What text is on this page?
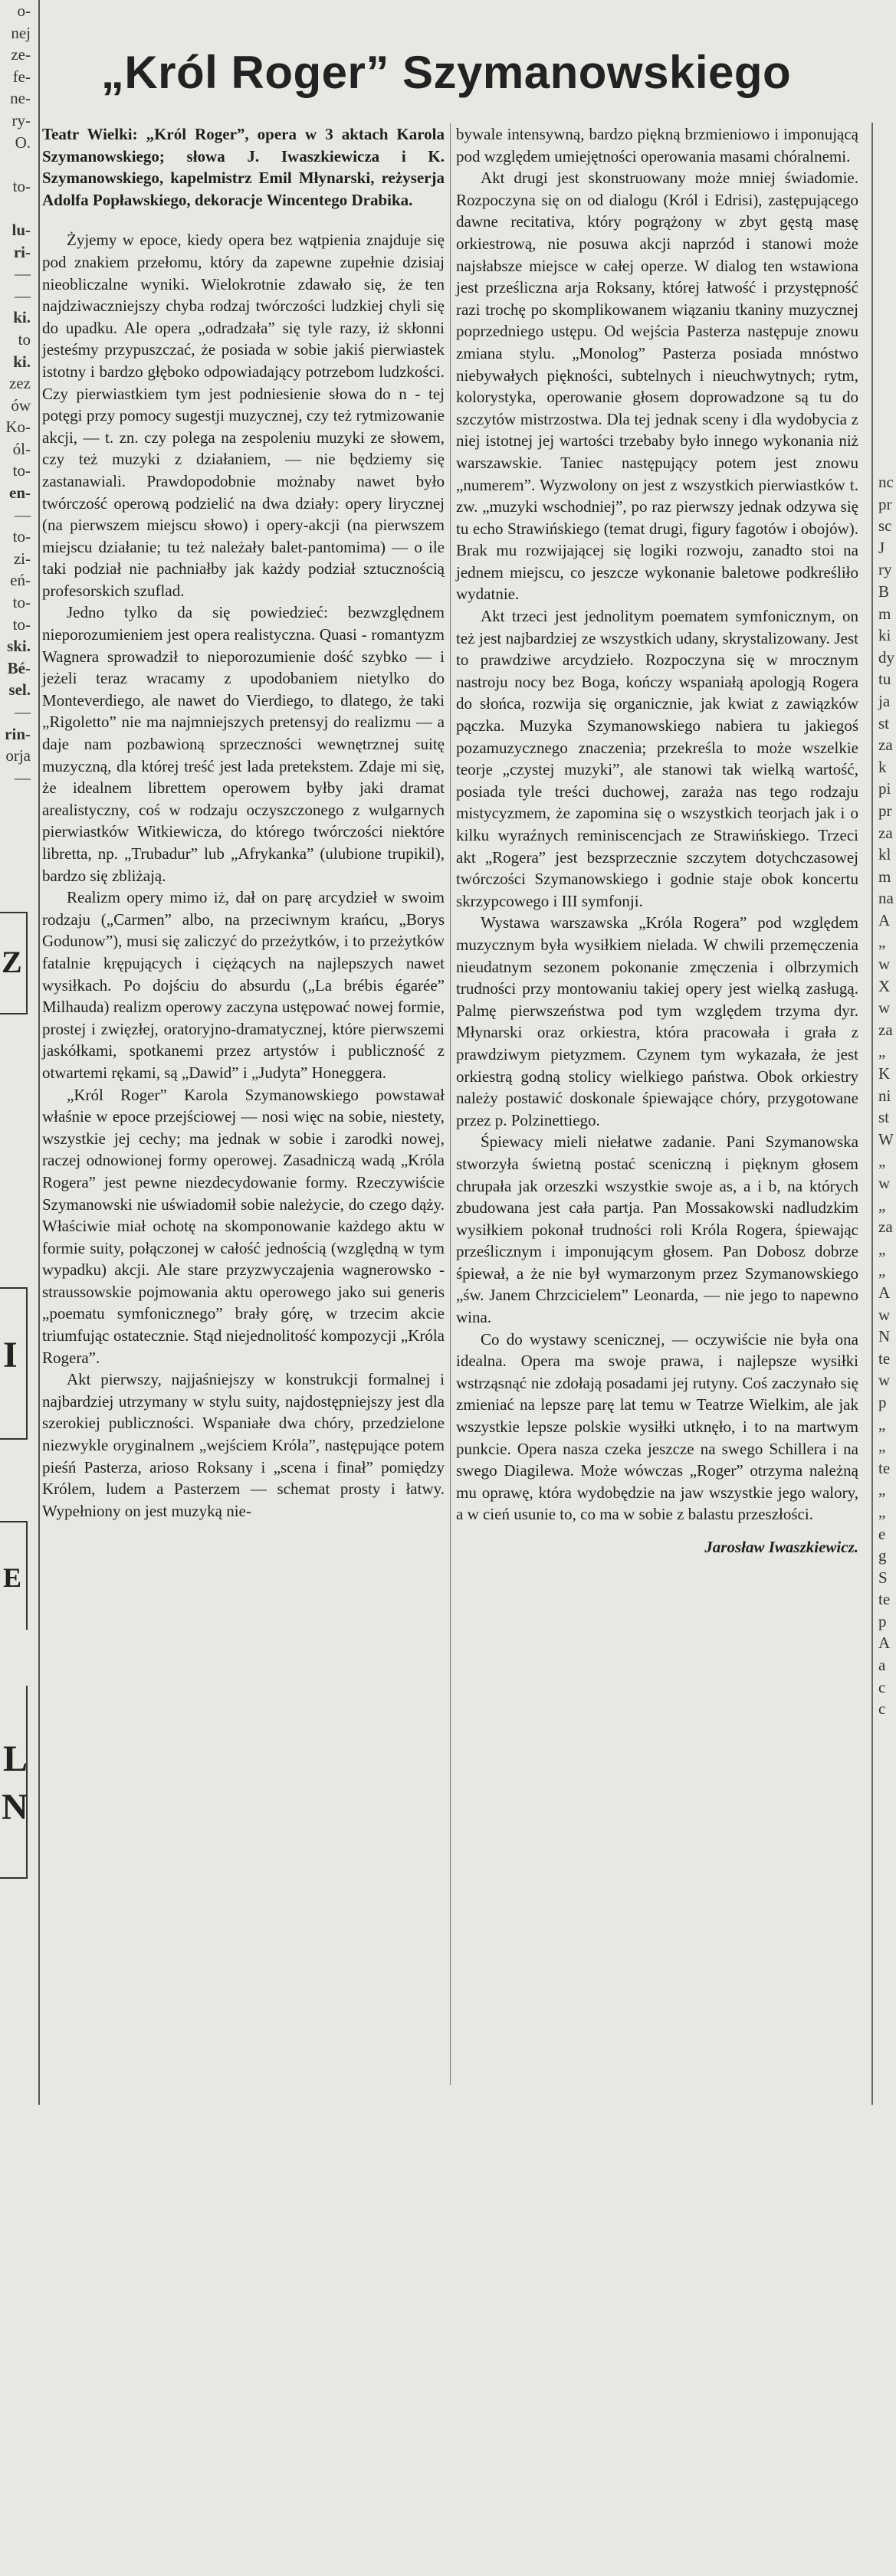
o-
nej
ze-
fe-
ne-
ry-
O.
to-
lu-
ri-
—
—
ki.
to
ki.
zez
ów
Ko-
ól-
to-
en-
—
to-
zi-
eń-
to-
to-
ski.
Bé-
sel.
—
rin-
orja
—
Z
I
E
L
N
„Król Roger” Szymanowskiego

Teatr Wielki: „Król Roger”, opera w 3 aktach Karola Szymanowskiego; słowa J. Iwaszkiewicza i K. Szymanowskiego, kapelmistrz Emil Młynarski, reżyserja Adolfa Popławskiego, dekoracje Wincentego Drabika.

Żyjemy w epoce, kiedy opera bez wątpienia znajduje się pod znakiem przełomu, który da zapewne zupełnie dzisiaj nieobliczalne wyniki. Wielokrotnie zdawało się, że ten najdziwaczniejszy chyba rodzaj twórczości ludzkiej chyli się do upadku. Ale opera „odradzała” się tyle razy, iż skłonni jesteśmy przypuszczać, że posiada w sobie jakiś pierwiastek istotny i bardzo głęboko odpowiadający potrzebom ludzkości. Czy pierwiastkiem tym jest podniesienie słowa do n - tej potęgi przy pomocy sugestji muzycznej, czy też rytmizowanie akcji, — t. zn. czy polega na zespoleniu muzyki ze słowem, czy też muzyki z działaniem, — nie będziemy się zastanawiali. Prawdopodobnie możnaby nawet było twórczość operową podzielić na dwa działy: opery lirycznej (na pierwszem miejscu słowo) i opery-akcji (na pierwszem miejscu działanie; tu też należały balet-pantomima) — o ile taki podział nie pachniałby jak każdy podział sztucznością profesorskich szuflad.

Jedno tylko da się powiedzieć: bezwzględnem nieporozumieniem jest opera realistyczna. Quasi - romantyzm Wagnera sprowadził to nieporozumienie dość szybko — i jeżeli teraz wracamy z upodobaniem nietylko do Monteverdiego, ale nawet do Vierdiego, to dlatego, że taki „Rigoletto” nie ma najmniejszych pretensyj do realizmu — a daje nam pozbawioną sprzeczności wewnętrznej suitę muzyczną, dla której treść jest lada pretekstem. Zdaje mi się, że idealnem librettem operowem byłby jaki dramat arealistyczny, coś w rodzaju oczyszczonego z wulgarnych pierwiastków Witkiewicza, do którego twórczości niektóre libretta, np. „Trubadur” lub „Afrykanka” (ulubione trupikil), bardzo się zbliżają.

Realizm opery mimo iż, dał on parę arcydzieł w swoim rodzaju („Carmen” albo, na przeciwnym krańcu, „Borys Godunow”), musi się zaliczyć do przeżytków, i to przeżytków fatalnie krępujących i ciężących na najlepszych nawet wysiłkach. Po dojściu do absurdu („La brébis égarée” Milhauda) realizm operowy zaczyna ustępować nowej formie, prostej i zwięzłej, oratoryjno-dramatycznej, które pierwszemi jaskółkami, spotkanemi przez artystów i publiczność z otwartemi rękami, są „Dawid” i „Judyta” Honeggera.

„Król Roger” Karola Szymanowskiego powstawał właśnie w epoce przejściowej — nosi więc na sobie, niestety, wszystkie jej cechy; ma jednak w sobie i zarodki nowej, raczej odnowionej formy operowej. Zasadniczą wadą „Króla Rogera” jest pewne niezdecydowanie formy. Rzeczywiście Szymanowski nie uświadomił sobie należycie, do czego dąży. Właściwie miał ochotę na skomponowanie każdego aktu w formie suity, połączonej w całość jednością (względną w tym wypadku) akcji. Ale stare przyzwyczajenia wagnerowsko - straussowskie pojmowania aktu operowego jako sui generis „poematu symfonicznego” brały górę, w trzecim akcie triumfując ostatecznie. Stąd niejednolitość kompozycji „Króla Rogera”.

Akt pierwszy, najjaśniejszy w konstrukcji formalnej i najbardziej utrzymany w stylu suity, najdostępniejszy jest dla szerokiej publiczności. Wspaniałe dwa chóry, przedzielone niezwykle oryginalnem „wejściem Króla”, następujące potem pieśń Pasterza, arioso Roksany i „scena i finał” pomiędzy Królem, ludem a Pasterzem — schemat prosty i łatwy. Wypełniony on jest muzyką nie-

bywale intensywną, bardzo piękną brzmieniowo i imponującą pod względem umiejętności operowania masami chóralnemi.

Akt drugi jest skonstruowany może mniej świadomie. Rozpoczyna się on od dialogu (Król i Edrisi), zastępującego dawne recitativa, który pogrążony w zbyt gęstą masę orkiestrową, nie posuwa akcji naprzód i stanowi może najsłabsze miejsce w całej operze. W dialog ten wstawiona jest prześliczna arja Roksany, której łatwość i przystępność razi trochę po skomplikowanem wiązaniu tkaniny muzycznej poprzedniego ustępu. Od wejścia Pasterza następuje znowu zmiana stylu. „Monolog” Pasterza posiada mnóstwo niebywałych piękności, subtelnych i nieuchwytnych; rytm, kolorystyka, operowanie głosem doprowadzone są tu do szczytów mistrzostwa. Dla tej jednak sceny i dla wydobycia z niej istotnej jej wartości trzebaby było innego wykonania niż warszawskie. Taniec następujący potem jest znowu „numerem”. Wyzwolony on jest z wszystkich pierwiastków t. zw. „muzyki wschodniej”, po raz pierwszy jednak odzywa się tu echo Strawińskiego (temat drugi, figury fagotów i obojów). Brak mu rozwijającej się logiki rozwoju, zanadto stoi na jednem miejscu, co jeszcze wykonanie baletowe podkreśliło wydatnie.

Akt trzeci jest jednolitym poematem symfonicznym, on też jest najbardziej ze wszystkich udany, skrystalizowany. Jest to prawdziwe arcydzieło. Rozpoczyna się w mrocznym nastroju nocy bez Boga, kończy wspaniałą apologją Rogera do słońca, rozwija się organicznie, jak kwiat z zawiązków pączka. Muzyka Szymanowskiego nabiera tu jakiegoś pozamuzycznego znaczenia; przekreśla to może wszelkie teorje „czystej muzyki”, ale stanowi tak wielką wartość, posiada tyle treści duchowej, zaraża nas tego rodzaju mistycyzmem, że zapomina się o wszystkich teorjach jak i o kilku wyraźnych reminiscencjach ze Strawińskiego. Trzeci akt „Rogera” jest bezsprzecznie szczytem dotychczasowej twórczości Szymanowskiego i godnie staje obok koncertu skrzypcowego i III symfonji.

Wystawa warszawska „Króla Rogera” pod względem muzycznym była wysiłkiem nielada. W chwili przemęczenia nieudatnym sezonem pokonanie zmęczenia i olbrzymich trudności przy montowaniu takiej opery jest wielką zasługą. Palmę pierwszeństwa pod tym względem trzyma dyr. Młynarski oraz orkiestra, która pracowała i grała z prawdziwym pietyzmem. Czynem tym wykazała, że jest orkiestrą godną stolicy wielkiego państwa. Obok orkiestry należy postawić doskonale śpiewające chóry, przygotowane przez p. Polzinettiego.

Śpiewacy mieli niełatwe zadanie. Pani Szymanowska stworzyła świetną postać sceniczną i pięknym głosem chrupała jak orzeszki wszystkie swoje as, a i b, na których zbudowana jest cała partja. Pan Mossakowski nadludzkim wysiłkiem pokonał trudności roli Króla Rogera, śpiewając prześlicznym i imponującym głosem. Pan Dobosz dobrze śpiewał, a że nie był wymarzonym przez Szymanowskiego „św. Janem Chrzcicielem” Leonarda, — nie jego to napewno wina.

Co do wystawy scenicznej, — oczywiście nie była ona idealna. Opera ma swoje prawa, i najlepsze wysiłki wstrząsnąć nie zdołają posadami jej rutyny. Coś zaczynało się zmieniać na lepsze parę lat temu w Teatrze Wielkim, ale jak wszystkie lepsze polskie wysiłki utknęło, i to na martwym punkcie. Opera nasza czeka jeszcze na swego Schillera i na swego Diagilewa. Może wówczas „Roger” otrzyma należną mu oprawę, która wydobędzie na jaw wszystkie jego walory, a w cień usunie to, co ma w sobie z balastu przeszłości.

Jarosław Iwaszkiewicz.

nc
pr
sc
J
ry
B
m
ki
dy
tu
ja
st
za
k
pi
pr
za
kl
m
na
A
„
w
X
w
za
„
K
ni
st
W
„
w
„
za
„
„
A
w
N
te
w
p
„
„
te
„
„
e
g
S
te
p
A
a
c
c
